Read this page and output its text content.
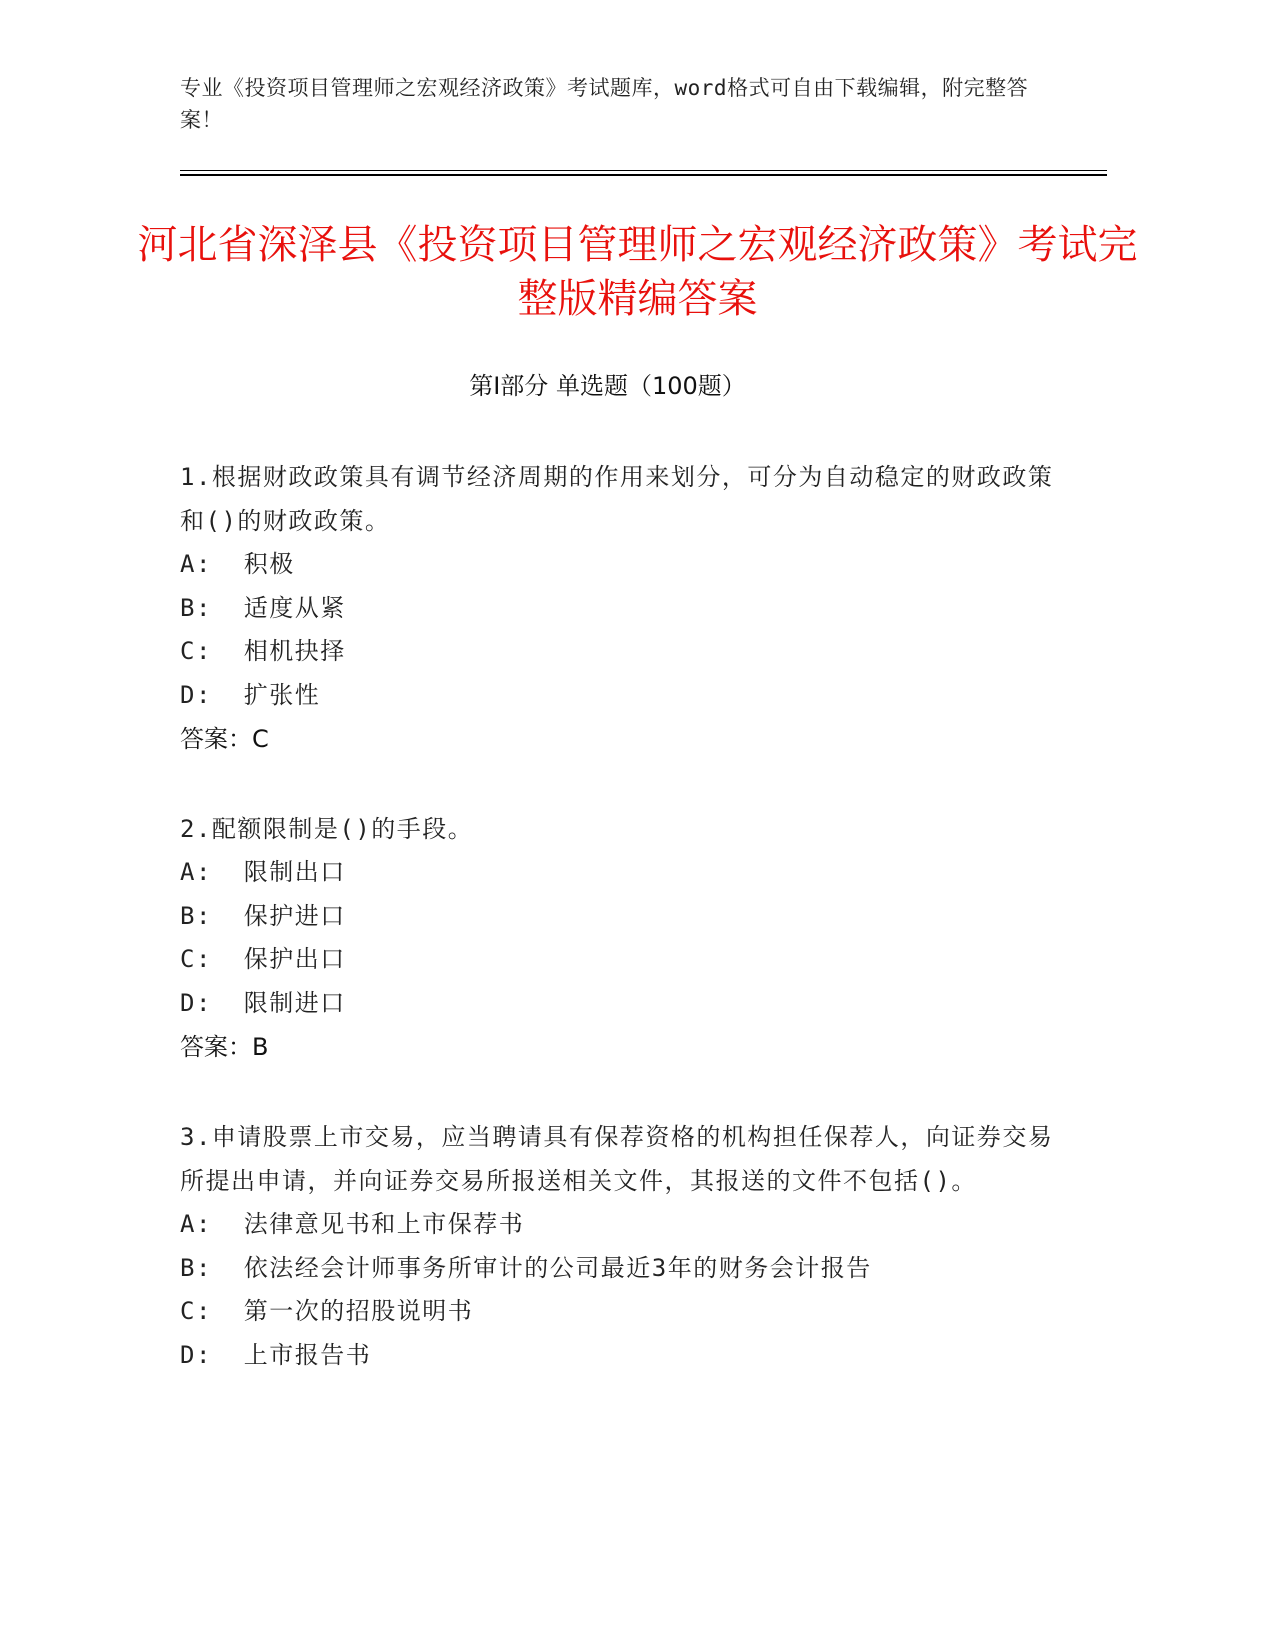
专业《投资项目管理师之宏观经济政策》考试题库，word格式可自由下载编辑，附完整答案！
河北省深泽县《投资项目管理师之宏观经济政策》考试完整版精编答案
第Ⅰ部分 单选题（100题）
1.根据财政政策具有调节经济周期的作用来划分，可分为自动稳定的财政政策和()的财政政策。
A:  积极
B:  适度从紧
C:  相机抉择
D:  扩张性
答案：C
2.配额限制是()的手段。
A:  限制出口
B:  保护进口
C:  保护出口
D:  限制进口
答案：B
3.申请股票上市交易，应当聘请具有保荐资格的机构担任保荐人，向证券交易所提出申请，并向证券交易所报送相关文件，其报送的文件不包括()。
A:  法律意见书和上市保荐书
B:  依法经会计师事务所审计的公司最近3年的财务会计报告
C:  第一次的招股说明书
D:  上市报告书
